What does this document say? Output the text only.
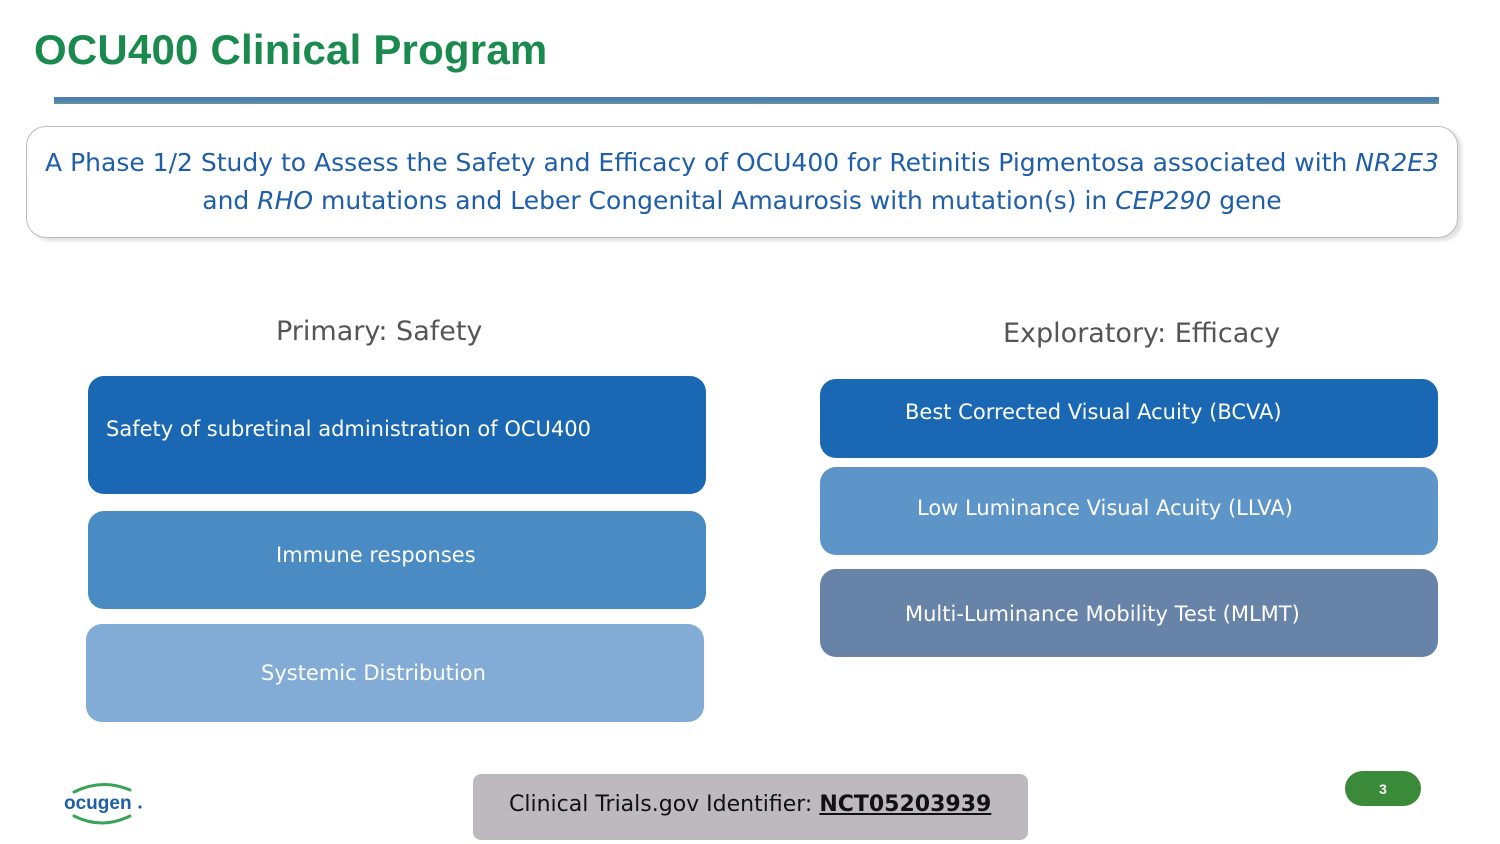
OCU400 Clinical Program
A Phase 1/2 Study to Assess the Safety and Efficacy of OCU400 for Retinitis Pigmentosa associated with NR2E3
and RHO mutations and Leber Congenital Amaurosis with mutation(s) in CEP290 gene
Primary: Safety
Safety of subretinal administration of OCU400
Immune responses
Systemic Distribution
Exploratory: Efficacy
Best Corrected Visual Acuity (BCVA)
Low Luminance Visual Acuity (LLVA)
Multi-Luminance Mobility Test (MLMT)
ocugen	Clinical Trials.gov Identifier: NCT05203939
3
